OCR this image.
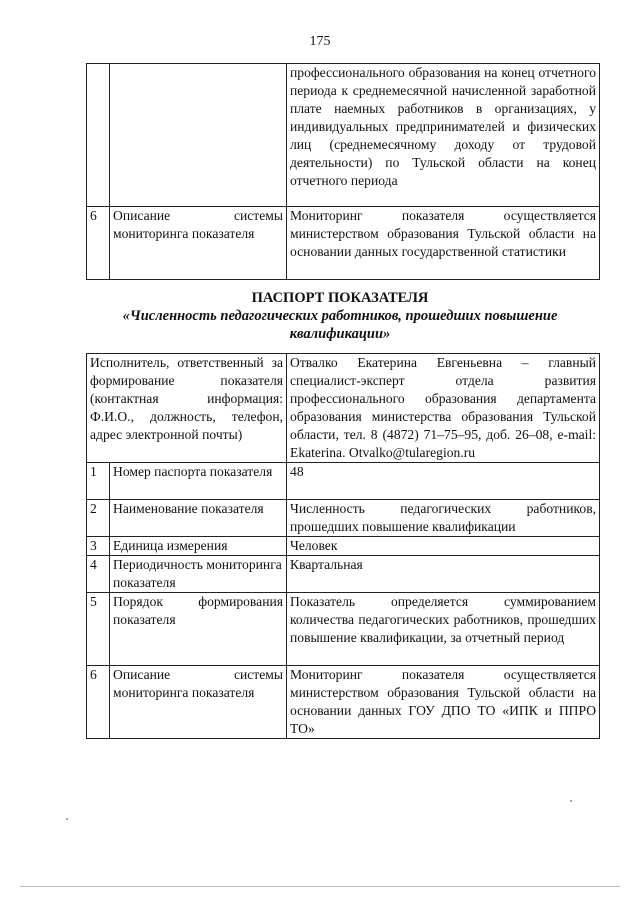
175
		профессионального образования на конец отчетного периода к среднемесячной начисленной заработной плате наемных работников в организациях, у индивидуальных предпринимателей и физических лиц (среднемесячному доходу от трудовой деятельности) по Тульской области на конец отчетного периода
6	Описание системы мониторинга показателя	Мониторинг показателя осуществляется министерством образования Тульской области на основании данных государственной статистики
ПАСПОРТ ПОКАЗАТЕЛЯ
«Численность педагогических работников, прошедших повышение квалификации»
Исполнитель, ответственный за формирование показателя (контактная информация: Ф.И.О., должность, телефон, адрес электронной почты)		Отвалко Екатерина Евгеньевна – главный специалист-эксперт отдела развития профессионального образования департамента образования министерства образования Тульской области, тел. 8 (4872) 71–75–95, доб. 26–08, e-mail: Ekaterina. Otvalko@tularegion.ru
1	Номер паспорта показателя	48
2	Наименование показателя	Численность педагогических работников, прошедших повышение квалификации
3	Единица измерения	Человек
4	Периодичность мониторинга показателя	Квартальная
5	Порядок формирования показателя	Показатель определяется суммированием количества педагогических работников, прошедших повышение квалификации, за отчетный период
6	Описание системы мониторинга показателя	Мониторинг показателя осуществляется министерством образования Тульской области на основании данных ГОУ ДПО ТО «ИПК и ППРО ТО»
